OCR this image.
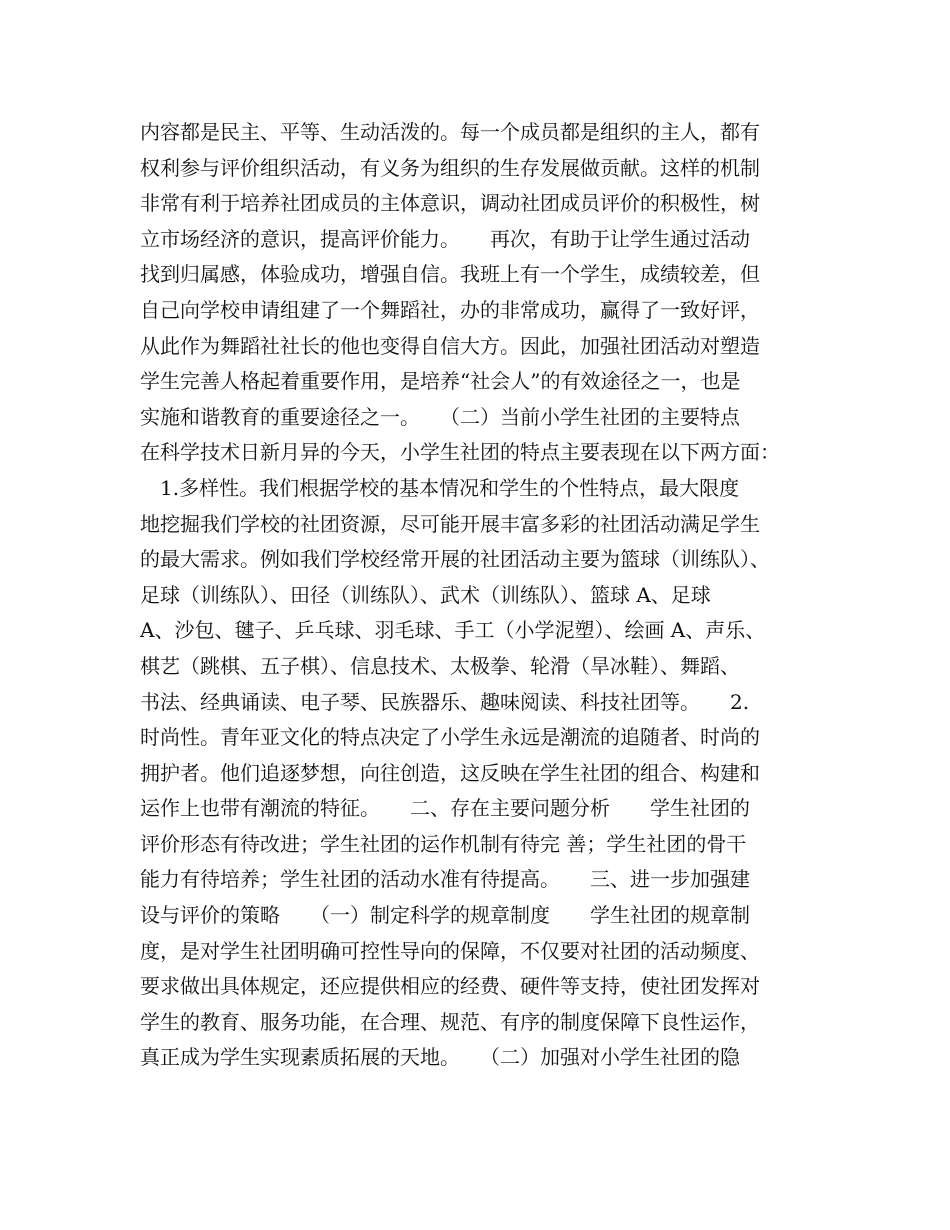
内容都是民主、平等、生动活泼的。每一个成员都是组织的主人，都有
权利参与评价组织活动，有义务为组织的生存发展做贡献。这样的机制
非常有利于培养社团成员的主体意识，调动社团成员评价的积极性，树
立市场经济的意识，提高评价能力。　　再次，有助于让学生通过活动
找到归属感，体验成功，增强自信。我班上有一个学生，成绩较差，但
自己向学校申请组建了一个舞蹈社，办的非常成功，赢得了一致好评，
从此作为舞蹈社社长的他也变得自信大方。因此，加强社团活动对塑造
学生完善人格起着重要作用，是培养“社会人”的有效途径之一，也是
实施和谐教育的重要途径之一。　　（二）当前小学生社团的主要特点
在科学技术日新月异的今天，小学生社团的特点主要表现在以下两方面：
　1.多样性。我们根据学校的基本情况和学生的个性特点，最大限度
地挖掘我们学校的社团资源，尽可能开展丰富多彩的社团活动满足学生
的最大需求。例如我们学校经常开展的社团活动主要为篮球（训练队）、
足球（训练队）、田径（训练队）、武术（训练队）、篮球 A、足球
A、沙包、毽子、乒乓球、羽毛球、手工（小学泥塑）、绘画 A、声乐、
棋艺（跳棋、五子棋）、信息技术、太极拳、轮滑（旱冰鞋）、舞蹈、
书法、经典诵读、电子琴、民族器乐、趣味阅读、科技社团等。　　2.
时尚性。青年亚文化的特点决定了小学生永远是潮流的追随者、时尚的
拥护者。他们追逐梦想，向往创造，这反映在学生社团的组合、构建和
运作上也带有潮流的特征。　　二、存在主要问题分析　　学生社团的
评价形态有待改进；学生社团的运作机制有待完 善；学生社团的骨干
能力有待培养；学生社团的活动水准有待提高。　　三、进一步加强建
设与评价的策略　　（一）制定科学的规章制度　　学生社团的规章制
度，是对学生社团明确可控性导向的保障，不仅要对社团的活动频度、
要求做出具体规定，还应提供相应的经费、硬件等支持，使社团发挥对
学生的教育、服务功能，在合理、规范、有序的制度保障下良性运作，
真正成为学生实现素质拓展的天地。　　（二）加强对小学生社团的隐
